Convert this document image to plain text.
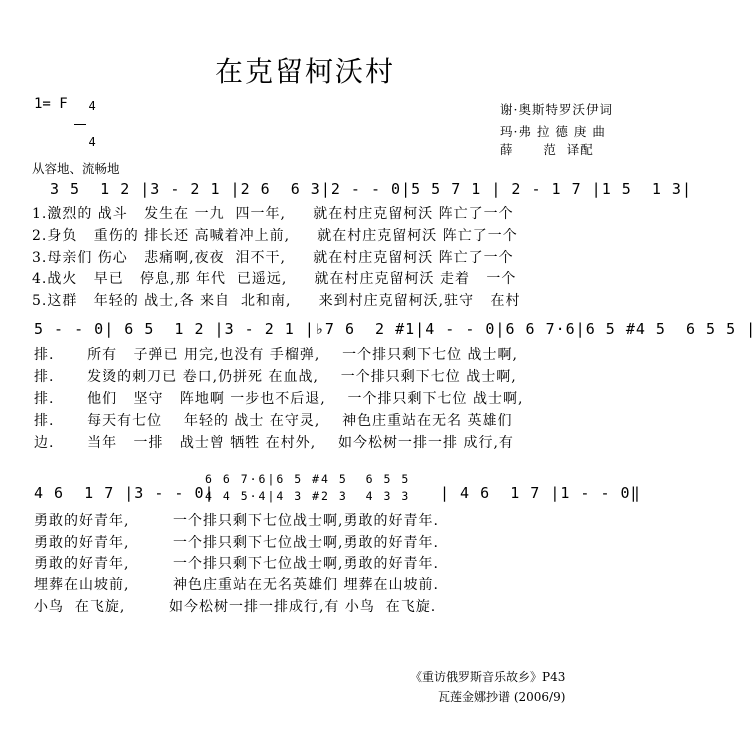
在克留柯沃村
1= F	4

4

谢·奥斯特罗沃伊词
玛·弗 拉 德 庚 曲
薛      范  译配
从容地、流畅地
3 5  1 2 |3 - 2 1 |2 6  6 3|2 - - 0|5 5 7 1 | 2 - 1 7 |1 5  1 3|
1.激烈的 战斗   发生在 一九  四一年,     就在村庄克留柯沃 阵亡了一个
2.身负   重伤的 排长还 高喊着冲上前,     就在村庄克留柯沃 阵亡了一个
3.母亲们 伤心   悲痛啊,夜夜  泪不干,     就在村庄克留柯沃 阵亡了一个
4.战火   早已   停息,那 年代  已遥远,     就在村庄克留柯沃 走着   一个
5.这群   年轻的 战士,各 来自  北和南,     来到村庄克留柯沃,驻守   在村
5 - - 0| 6 5  1 2 |3 - 2 1 |♭7 6  2 #1|4 - - 0|6 6 7·6|6 5 #4 5  6 5 5 |
排.      所有   子弹已 用完,也没有 手榴弹,    一个排只剩下七位 战士啊,
排.      发烫的刺刀已 卷口,仍拼死 在血战,    一个排只剩下七位 战士啊,
排.      他们   坚守   阵地啊 一步也不后退,    一个排只剩下七位 战士啊,
排.      每天有七位    年轻的 战士 在守灵,    神色庄重站在无名 英雄们
边.      当年   一排   战士曾 牺牲 在村外,    如今松树一排一排 成行,有
4 6  1 7 |3 - - 0|
6 6 7·6|6 5 #4 5  6 5 5
4 4 5·4|4 3 #2 3  4 3 3 | 4 6  1 7 |1 - - 0‖
勇敢的好青年,        一个排只剩下七位战士啊,勇敢的好青年.
勇敢的好青年,        一个排只剩下七位战士啊,勇敢的好青年.
勇敢的好青年,        一个排只剩下七位战士啊,勇敢的好青年.
埋葬在山坡前,        神色庄重站在无名英雄们 埋葬在山坡前.
小鸟  在飞旋,        如今松树一排一排成行,有 小鸟  在飞旋.
《重访俄罗斯音乐故乡》P43
瓦莲金娜抄谱 (2006/9)
